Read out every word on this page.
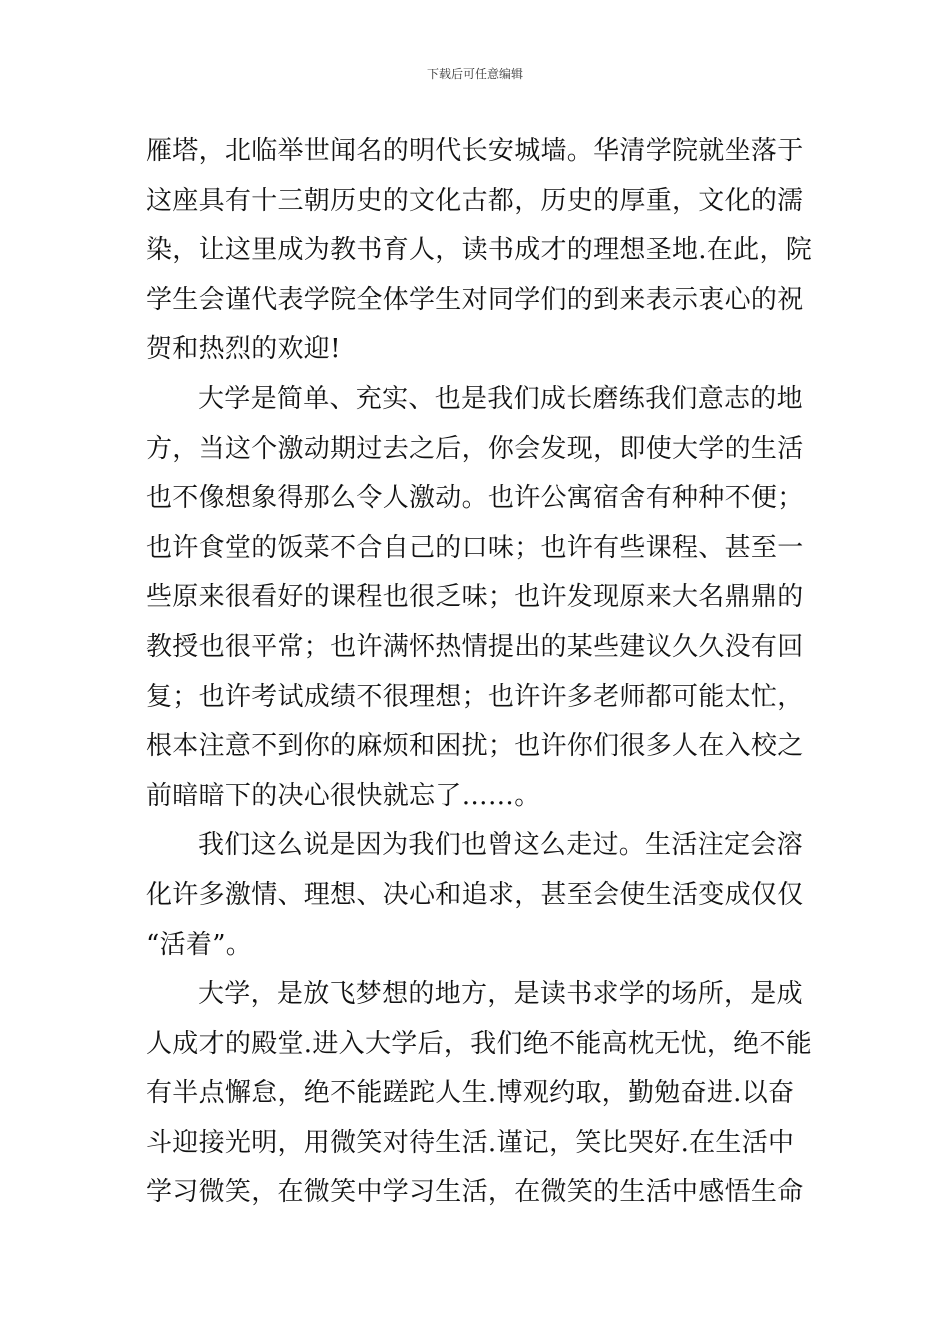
下载后可任意编辑
雁塔，北临举世闻名的明代长安城墙。华清学院就坐落于
这座具有十三朝历史的文化古都，历史的厚重，文化的濡
染，让这里成为教书育人，读书成才的理想圣地.在此，院
学生会谨代表学院全体学生对同学们的到来表示衷心的祝
贺和热烈的欢迎!
大学是简单、充实、也是我们成长磨练我们意志的地
方，当这个激动期过去之后，你会发现，即使大学的生活
也不像想象得那么令人激动。也许公寓宿舍有种种不便；
也许食堂的饭菜不合自己的口味；也许有些课程、甚至一
些原来很看好的课程也很乏味；也许发现原来大名鼎鼎的
教授也很平常；也许满怀热情提出的某些建议久久没有回
复；也许考试成绩不很理想；也许许多老师都可能太忙，
根本注意不到你的麻烦和困扰；也许你们很多人在入校之
前暗暗下的决心很快就忘了……。
我们这么说是因为我们也曾这么走过。生活注定会溶
化许多激情、理想、决心和追求，甚至会使生活变成仅仅
“活着”。
大学，是放飞梦想的地方，是读书求学的场所，是成
人成才的殿堂.进入大学后，我们绝不能高枕无忧，绝不能
有半点懈怠，绝不能蹉跎人生.博观约取，勤勉奋进.以奋
斗迎接光明，用微笑对待生活.谨记，笑比哭好.在生活中
学习微笑，在微笑中学习生活，在微笑的生活中感悟生命
